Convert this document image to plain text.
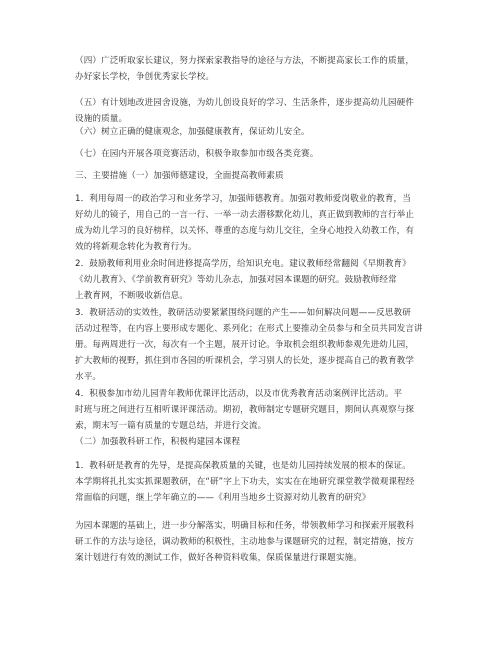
（四）广泛听取家长建议，努力探索家教指导的途径与方法，不断提高家长工作的质量，
办好家长学校，争创优秀家长学校。

（五）有计划地改进园舍设施，为幼儿创设良好的学习、生活条件，逐步提高幼儿园硬件
设施的质量。

（六）树立正确的健康观念，加强健康教育，保证幼儿安全。

（七）在园内开展各项竞赛活动，积极争取参加市级各类竞赛。

三、主要措施（一）加强师德建设，全面提高教师素质

1．利用每周一的政治学习和业务学习，加强师德教育。加强对教师爱岗敬业的教育，当
好幼儿的镜子，用自己的一言一行、一举一动去潜移默化幼儿，真正做到教师的言行举止
成为幼儿学习的良好榜样，以关怀、尊重的态度与幼儿交往，全身心地投入幼教工作，有
效的将新观念转化为教育行为。

2．鼓励教师利用业余时间进修提高学历，给知识充电。建议教师经常翻阅《早期教育》
《幼儿教育》、《学前教育研究》等幼儿杂志，加强对园本课题的研究。鼓励教师经常
上教育网，不断吸收新信息。

3．教研活动的实效性，教研活动要紧紧围绕问题的产生——如何解决问题——反思教研
活动过程等，在内容上要形成专题化、系列化；在形式上要推动全员参与和全员共同发言讲
册。每两周进行一次，每次有一个主题，展开讨论。争取机会组织教师参观先进幼儿园，
扩大教师的视野，抓住到市各园的听课机会，学习别人的长处，逐步提高自己的教育教学
水平。

4．积极参加市幼儿园青年教师优课评比活动，以及市优秀教育活动案例评比活动。平
时班与班之间进行互相听课评课活动。期初，教师制定专题研究题目，期间认真观察与探
索，期末写一篇有质量的专题总结，并进行交流。

（二）加强教科研工作，积极构建园本课程

1．教科研是教育的先导，是提高保教质量的关键，也是幼儿园持续发展的根本的保证。
本学期将扎扎实实抓课题教研，在“研”字上下功夫，实实在在地研究课堂教学微观课程经
常面临的问题，继上学年确立的——《利用当地乡土资源对幼儿教育的研究》

为园本课题的基础上，进一步分解落实，明确目标和任务，带领教师学习和探索开展教科
研工作的方法与途径，调动教师的积极性，主动地参与课题研究的过程，制定措施，按方
案计划进行有效的测试工作，做好各种资料收集，保质保量进行课题实施。
